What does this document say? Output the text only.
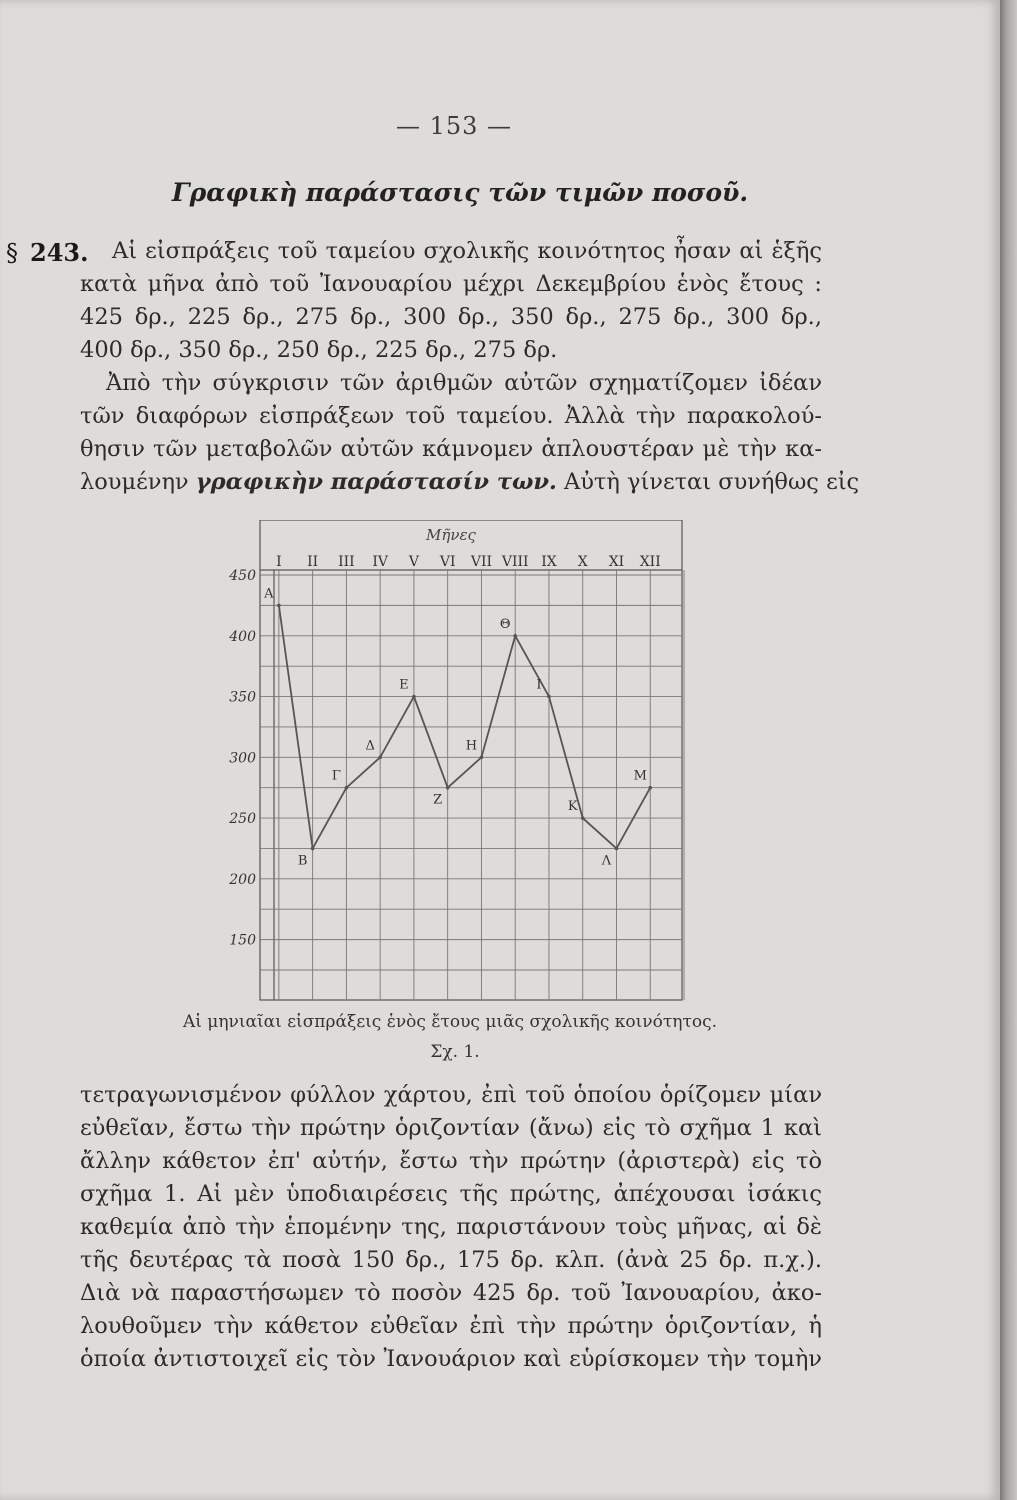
— 153 —
Γραφικὴ παράστασις τῶν τιμῶν ποσοῦ.
§ 243. Αἱ εἰσπράξεις τοῦ ταμείου σχολικῆς κοινότητος ἦσαν αἱ ἑξῆς
κατὰ μῆνα ἀπὸ τοῦ Ἰανουαρίου μέχρι Δεκεμβρίου ἑνὸς ἔτους :
425 δρ., 225 δρ., 275 δρ., 300 δρ., 350 δρ., 275 δρ., 300 δρ.,
400 δρ., 350 δρ., 250 δρ., 225 δρ., 275 δρ.
Ἀπὸ τὴν σύγκρισιν τῶν ἀριθμῶν αὐτῶν σχηματίζομεν ἰδέαν
τῶν διαφόρων εἰσπράξεων τοῦ ταμείου. Ἀλλὰ τὴν παρακολού-
θησιν τῶν μεταβολῶν αὐτῶν κάμνομεν ἁπλουστέραν μὲ τὴν κα-
λουμένην γραφικὴν παράστασίν των. Αὐτὴ γίνεται συνήθως εἰς
Μῆνες
I II III IV V VI VII VIII IX X XI XII
450
400
350
300
250
200
150
Α
Β
Γ
Δ
Ε
Ζ
Η
Θ
Ι
Κ
Λ
Μ
Αἱ μηνιαῖαι εἰσπράξεις ἑνὸς ἔτους μιᾶς σχολικῆς κοινότητος.
Σχ. 1.
τετραγωνισμένον φύλλον χάρτου, ἐπὶ τοῦ ὁποίου ὁρίζομεν μίαν
εὐθεῖαν, ἔστω τὴν πρώτην ὁριζοντίαν (ἄνω) εἰς τὸ σχῆμα 1 καὶ
ἄλλην κάθετον ἐπ' αὐτήν, ἔστω τὴν πρώτην (ἀριστερὰ) εἰς τὸ
σχῆμα 1. Αἱ μὲν ὑποδιαιρέσεις τῆς πρώτης, ἀπέχουσαι ἰσάκις
καθεμία ἀπὸ τὴν ἑπομένην της, παριστάνουν τοὺς μῆνας, αἱ δὲ
τῆς δευτέρας τὰ ποσὰ 150 δρ., 175 δρ. κλπ. (ἀνὰ 25 δρ. π.χ.).
Διὰ νὰ παραστήσωμεν τὸ ποσὸν 425 δρ. τοῦ Ἰανουαρίου, ἀκο-
λουθοῦμεν τὴν κάθετον εὐθεῖαν ἐπὶ τὴν πρώτην ὁριζοντίαν, ἡ
ὁποία ἀντιστοιχεῖ εἰς τὸν Ἰανουάριον καὶ εὑρίσκομεν τὴν τομὴν
